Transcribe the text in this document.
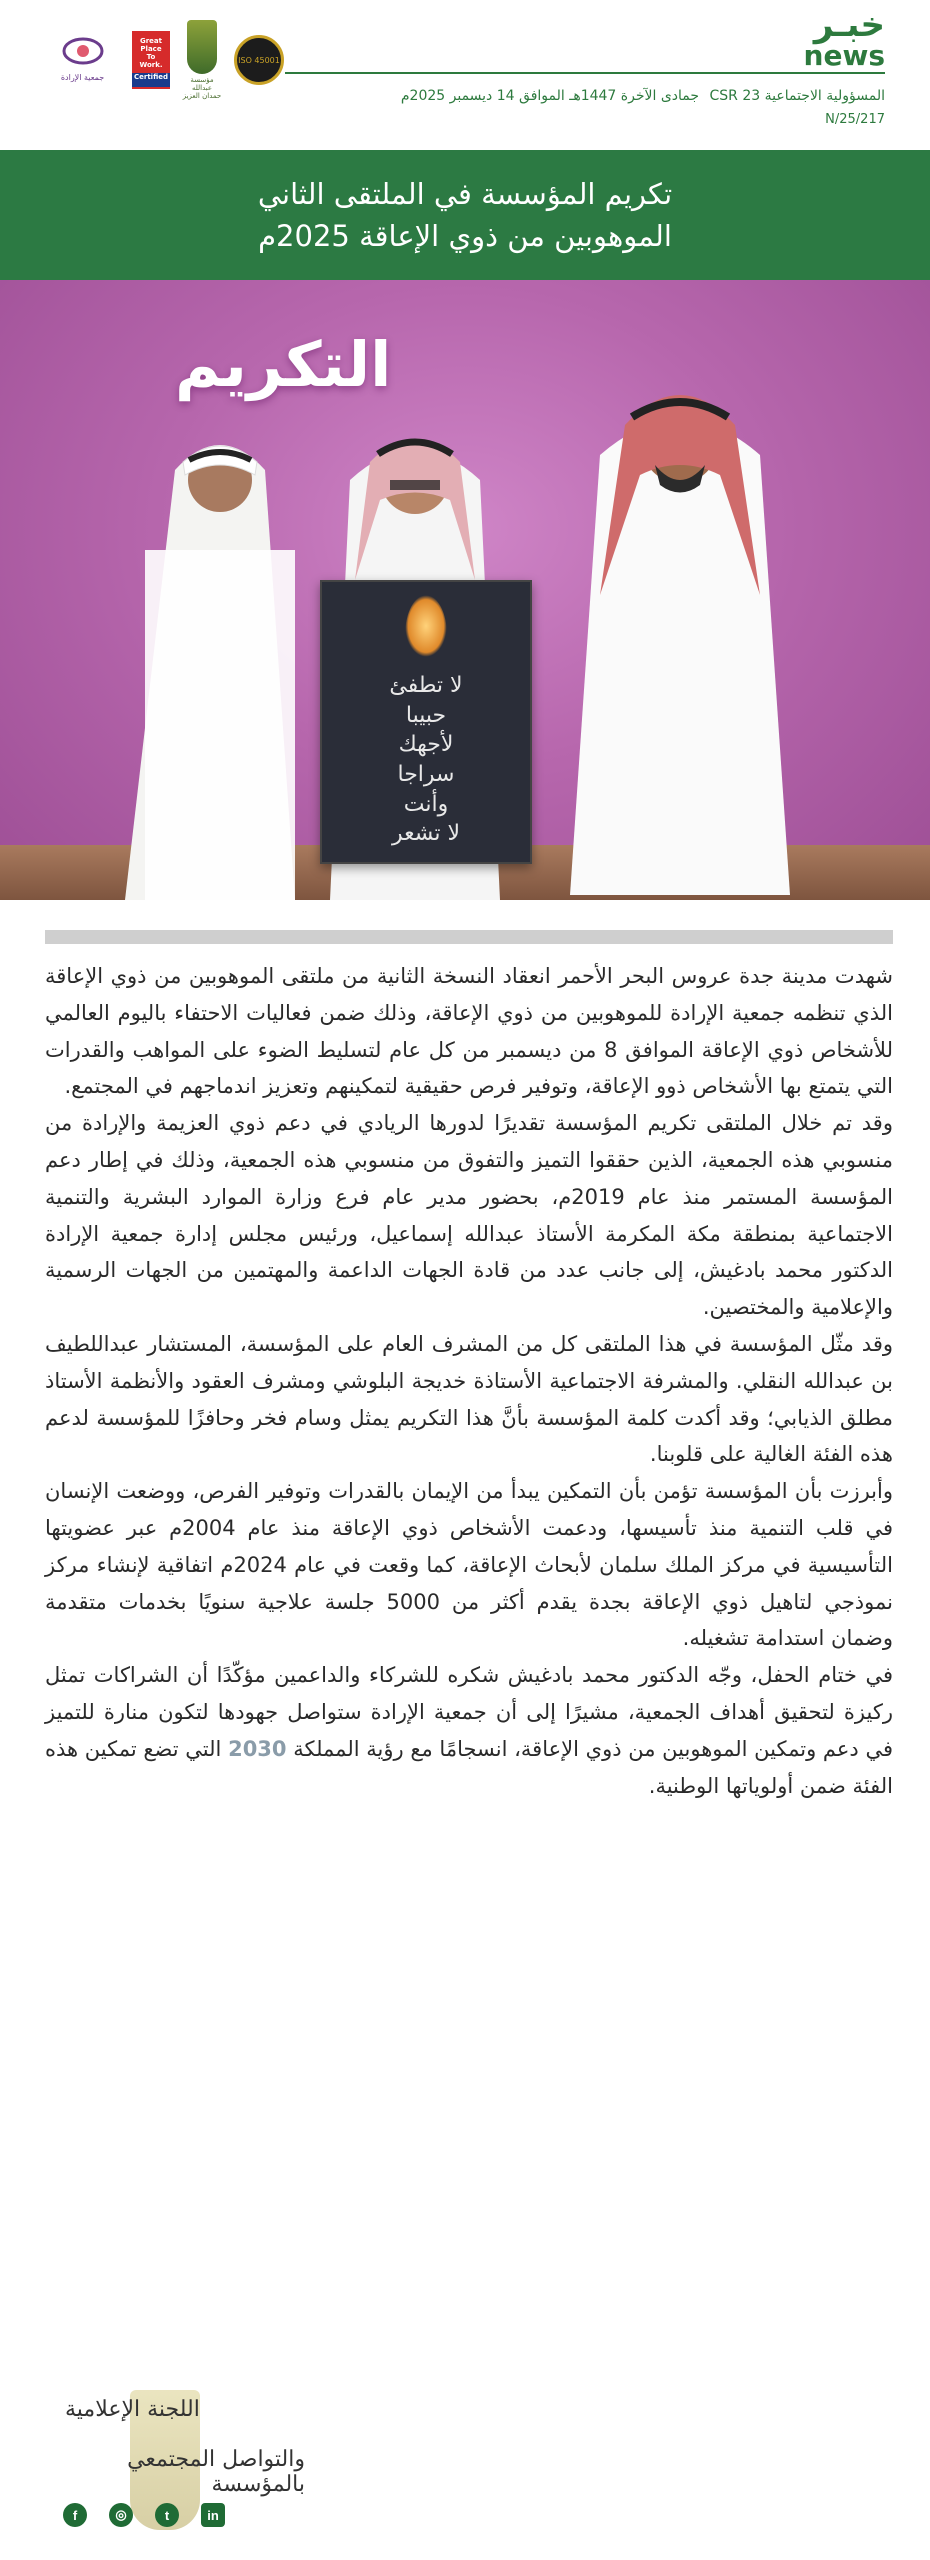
خبـر
news
المسؤولية الاجتماعية CSR 23 جمادى الآخرة 1447هـ الموافق 14 ديسمبر 2025م
N/25/217
جمعية الإرادة
Great
Place
To
Work.
Certified	مؤسسة عبدالله حمدان العزيز
ISO 45001
تكريم المؤسسة في الملتقى الثاني
الموهوبين من ذوي الإعاقة 2025م
التكريم
لا تطفئ
حبيبا
لأجهك
سراجا
وأنت
لا تشعر

شهدت مدينة جدة عروس البحر الأحمر انعقاد النسخة الثانية من ملتقى الموهوبين من ذوي الإعاقة الذي تنظمه جمعية الإرادة للموهوبين من ذوي الإعاقة، وذلك ضمن فعاليات الاحتفاء باليوم العالمي للأشخاص ذوي الإعاقة الموافق 8 من ديسمبر من كل عام لتسليط الضوء على المواهب والقدرات التي يتمتع بها الأشخاص ذوو الإعاقة، وتوفير فرص حقيقية لتمكينهم وتعزيز اندماجهم في المجتمع.

وقد تم خلال الملتقى تكريم المؤسسة تقديرًا لدورها الريادي في دعم ذوي العزيمة والإرادة من منسوبي هذه الجمعية، الذين حققوا التميز والتفوق من منسوبي هذه الجمعية، وذلك في إطار دعم المؤسسة المستمر منذ عام 2019م، بحضور مدير عام فرع وزارة الموارد البشرية والتنمية الاجتماعية بمنطقة مكة المكرمة الأستاذ عبدالله إسماعيل، ورئيس مجلس إدارة جمعية الإرادة الدكتور محمد بادغيش، إلى جانب عدد من قادة الجهات الداعمة والمهتمين من الجهات الرسمية والإعلامية والمختصين.

وقد مثّل المؤسسة في هذا الملتقى كل من المشرف العام على المؤسسة، المستشار عبداللطيف بن عبدالله النقلي. والمشرفة الاجتماعية الأستاذة خديجة البلوشي ومشرف العقود والأنظمة الأستاذ مطلق الذيابي؛ وقد أكدت كلمة المؤسسة بأنَّ هذا التكريم يمثل وسام فخر وحافزًا للمؤسسة لدعم هذه الفئة الغالية على قلوبنا.

وأبرزت بأن المؤسسة تؤمن بأن التمكين يبدأ من الإيمان بالقدرات وتوفير الفرص، ووضعت الإنسان في قلب التنمية منذ تأسيسها، ودعمت الأشخاص ذوي الإعاقة منذ عام 2004م عبر عضويتها التأسيسية في مركز الملك سلمان لأبحاث الإعاقة، كما وقعت في عام 2024م اتفاقية لإنشاء مركز نموذجي لتاهيل ذوي الإعاقة بجدة يقدم أكثر من 5000 جلسة علاجية سنويًا بخدمات متقدمة وضمان استدامة تشغيله.

في ختام الحفل، وجّه الدكتور محمد بادغيش شكره للشركاء والداعمين مؤكّدًا أن الشراكات تمثل ركيزة لتحقيق أهداف الجمعية، مشيرًا إلى أن جمعية الإرادة ستواصل جهودها لتكون منارة للتميز في دعم وتمكين الموهوبين من ذوي الإعاقة، انسجامًا مع رؤية المملكة 2030 التي تضع تمكين هذه الفئة ضمن أولوياتها الوطنية.

اللجنة الإعلامية
والتواصل المجتمعي بالمؤسسة
f	◎	t	in
